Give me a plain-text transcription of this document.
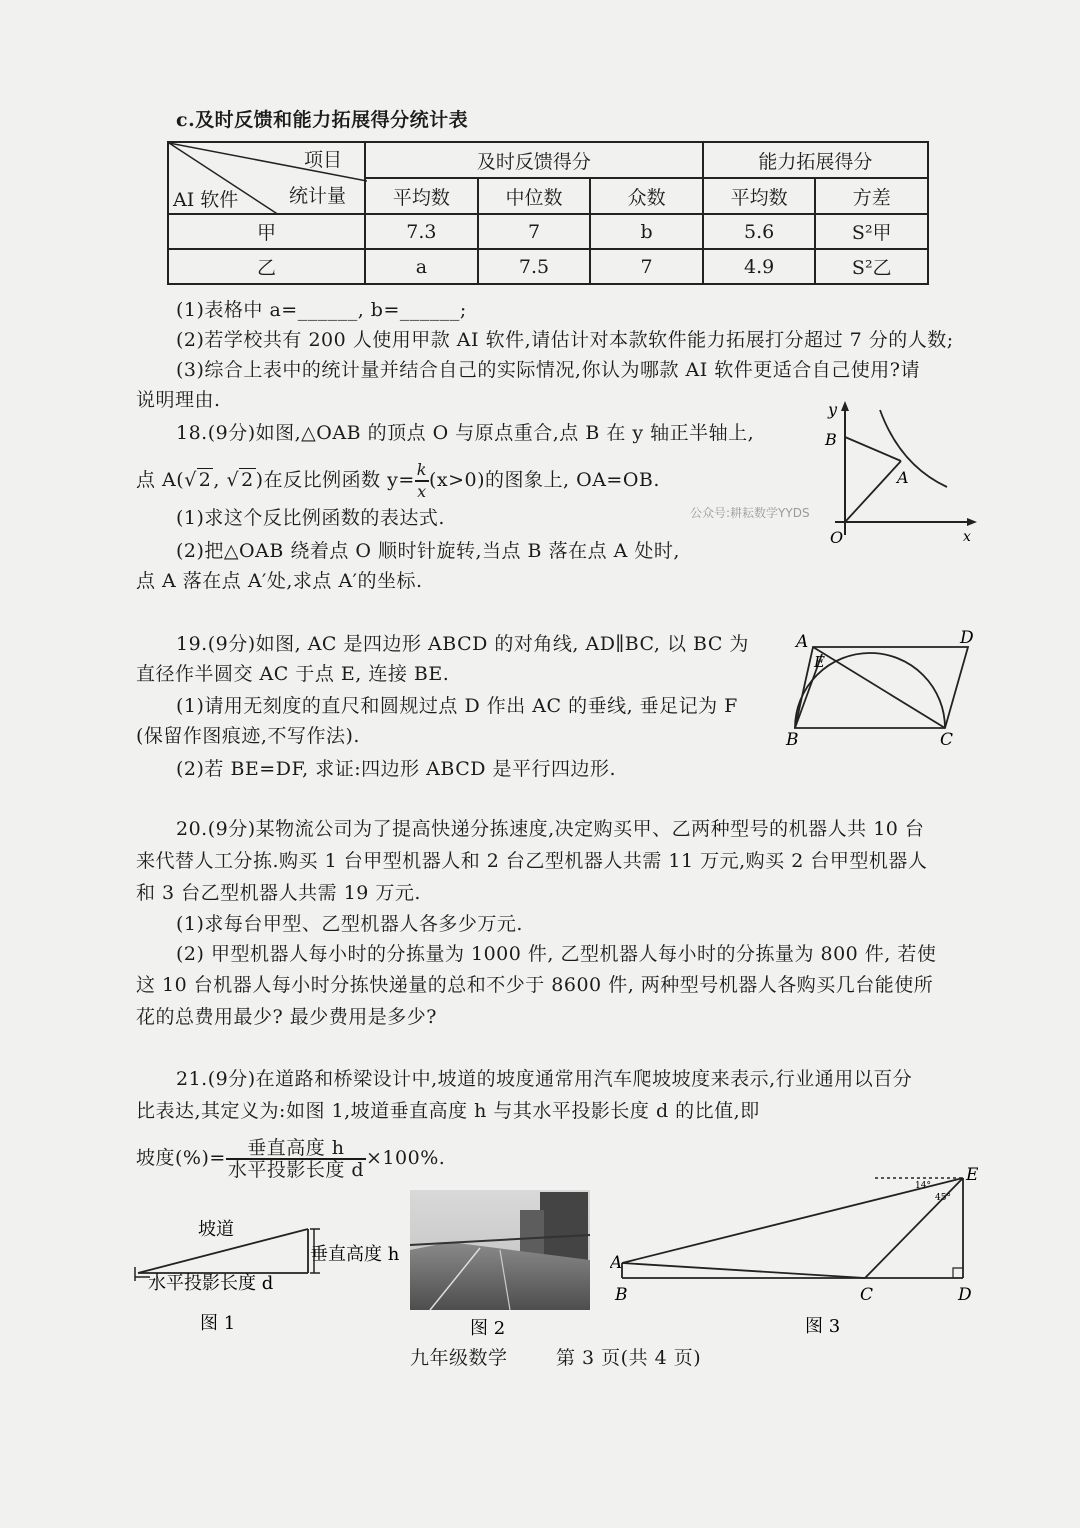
c.及时反馈和能力拓展得分统计表
项目
统计量
AI 软件	及时反馈得分			能力拓展得分	
	平均数	中位数	众数	平均数	方差
甲	7.3	7	b	5.6	S²甲
乙	a	7.5	7	4.9	S²乙
(1)表格中 a=______, b=______;
(2)若学校共有 200 人使用甲款 AI 软件,请估计对本款软件能力拓展打分超过 7 分的人数;
(3)综合上表中的统计量并结合自己的实际情况,你认为哪款 AI 软件更适合自己使用?请
说明理由.
18.(9分)如图,△OAB 的顶点 O 与原点重合,点 B 在 y 轴正半轴上,
点 A(√ 2 , √ 2 )在反比例函数 $y= \frac{k}{x} (x>0)$的图象上, OA=OB.
(1)求这个反比例函数的表达式.
(2)把△OAB 绕着点 O 顺时针旋转,当点 B 落在点 A 处时,
点 A 落在点 A′处,求点 A′的坐标.
公众号:耕耘数学YYDS
y
B
A
O	x
19.(9分)如图, AC 是四边形 ABCD 的对角线, AD∥BC, 以 BC 为
直径作半圆交 AC 于点 E, 连接 BE.
(1)请用无刻度的直尺和圆规过点 D 作出 AC 的垂线, 垂足记为 F
(保留作图痕迹,不写作法).
(2)若 BE=DF, 求证:四边形 ABCD 是平行四边形.
A	D
E
B	C
20.(9分)某物流公司为了提高快递分拣速度,决定购买甲、乙两种型号的机器人共 10 台
来代替人工分拣.购买 1 台甲型机器人和 2 台乙型机器人共需 11 万元,购买 2 台甲型机器人
和 3 台乙型机器人共需 19 万元.
(1)求每台甲型、乙型机器人各多少万元.
(2) 甲型机器人每小时的分拣量为 1000 件, 乙型机器人每小时的分拣量为 800 件, 若使
这 10 台机器人每小时分拣快递量的总和不少于 8600 件, 两种型号机器人各购买几台能使所
花的总费用最少? 最少费用是多少?
21.(9分)在道路和桥梁设计中,坡道的坡度通常用汽车爬坡坡度来表示,行业通用以百分
比表达,其定义为:如图 1,坡道垂直高度 h 与其水平投影长度 d 的比值,即
坡度(%)= $\frac{\text{垂直高度 h}}{\text{水平投影长度 d}} \times 100\%$.
坡道
垂直高度 h
水平投影长度 d
图 1	图 2
14°
45°
E
A
B	C	D
图 3
九年级数学	第 3 页(共 4 页)
